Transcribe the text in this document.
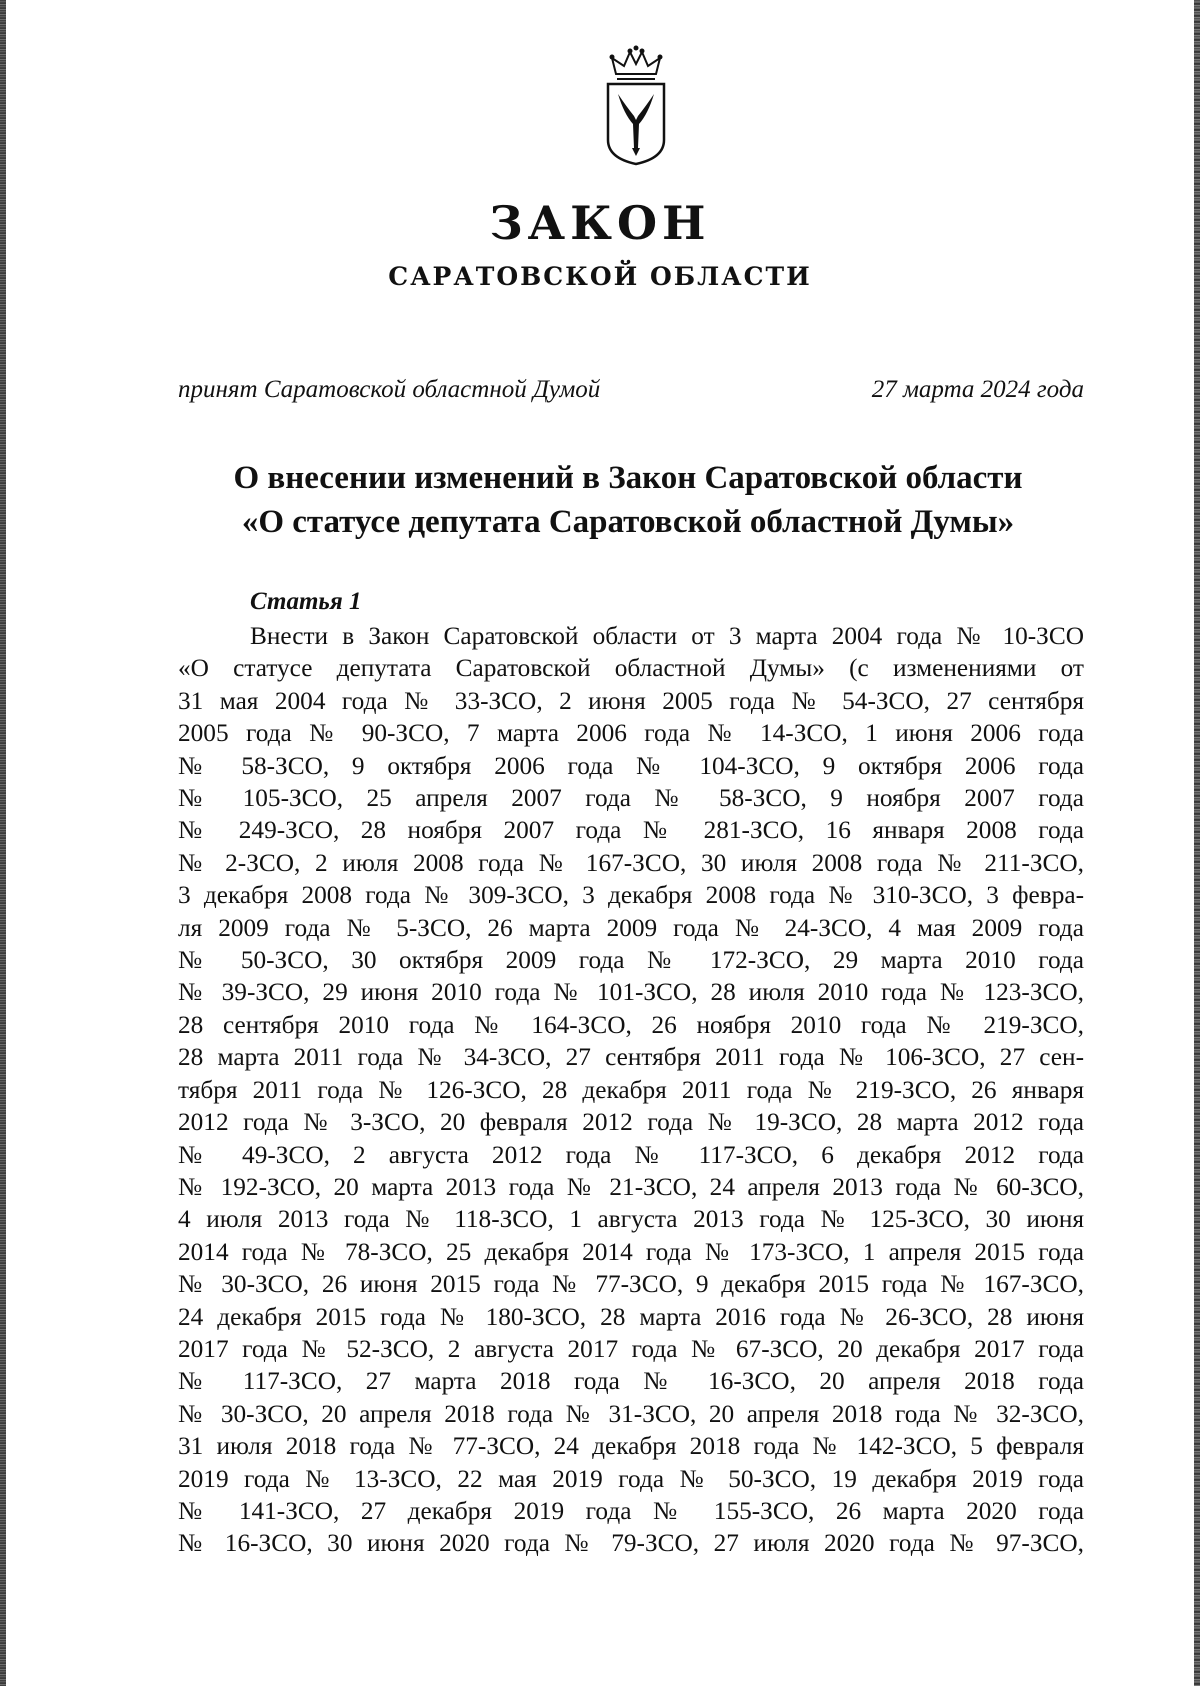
ЗАКОН
САРАТОВСКОЙ ОБЛАСТИ
принят Саратовской областной Думой	27 марта 2024 года
О внесении изменений в Закон Саратовской области
«О статусе депутата Саратовской областной Думы»
Статья 1
Внести в Закон Саратовской области от 3 марта 2004 года № 10-ЗСО
«О статусе депутата Саратовской областной Думы» (с изменениями от
31 мая 2004 года № 33-ЗСО, 2 июня 2005 года № 54-ЗСО, 27 сентября
2005 года № 90-ЗСО, 7 марта 2006 года № 14-ЗСО, 1 июня 2006 года
№ 58-ЗСО, 9 октября 2006 года № 104-ЗСО, 9 октября 2006 года
№ 105-ЗСО, 25 апреля 2007 года № 58-ЗСО, 9 ноября 2007 года
№ 249-ЗСО, 28 ноября 2007 года № 281-ЗСО, 16 января 2008 года
№ 2-ЗСО, 2 июля 2008 года № 167-ЗСО, 30 июля 2008 года № 211-ЗСО,
3 декабря 2008 года № 309-ЗСО, 3 декабря 2008 года № 310-ЗСО, 3 февра-
ля 2009 года № 5-ЗСО, 26 марта 2009 года № 24-ЗСО, 4 мая 2009 года
№ 50-ЗСО, 30 октября 2009 года № 172-ЗСО, 29 марта 2010 года
№ 39-ЗСО, 29 июня 2010 года № 101-ЗСО, 28 июля 2010 года № 123-ЗСО,
28 сентября 2010 года № 164-ЗСО, 26 ноября 2010 года № 219-ЗСО,
28 марта 2011 года № 34-ЗСО, 27 сентября 2011 года № 106-ЗСО, 27 сен-
тября 2011 года № 126-ЗСО, 28 декабря 2011 года № 219-ЗСО, 26 января
2012 года № 3-ЗСО, 20 февраля 2012 года № 19-ЗСО, 28 марта 2012 года
№ 49-ЗСО, 2 августа 2012 года № 117-ЗСО, 6 декабря 2012 года
№ 192-ЗСО, 20 марта 2013 года № 21-ЗСО, 24 апреля 2013 года № 60-ЗСО,
4 июля 2013 года № 118-ЗСО, 1 августа 2013 года № 125-ЗСО, 30 июня
2014 года № 78-ЗСО, 25 декабря 2014 года № 173-ЗСО, 1 апреля 2015 года
№ 30-ЗСО, 26 июня 2015 года № 77-ЗСО, 9 декабря 2015 года № 167-ЗСО,
24 декабря 2015 года № 180-ЗСО, 28 марта 2016 года № 26-ЗСО, 28 июня
2017 года № 52-ЗСО, 2 августа 2017 года № 67-ЗСО, 20 декабря 2017 года
№ 117-ЗСО, 27 марта 2018 года № 16-ЗСО, 20 апреля 2018 года
№ 30-ЗСО, 20 апреля 2018 года № 31-ЗСО, 20 апреля 2018 года № 32-ЗСО,
31 июля 2018 года № 77-ЗСО, 24 декабря 2018 года № 142-ЗСО, 5 февраля
2019 года № 13-ЗСО, 22 мая 2019 года № 50-ЗСО, 19 декабря 2019 года
№ 141-ЗСО, 27 декабря 2019 года № 155-ЗСО, 26 марта 2020 года
№ 16-ЗСО, 30 июня 2020 года № 79-ЗСО, 27 июля 2020 года № 97-ЗСО,
